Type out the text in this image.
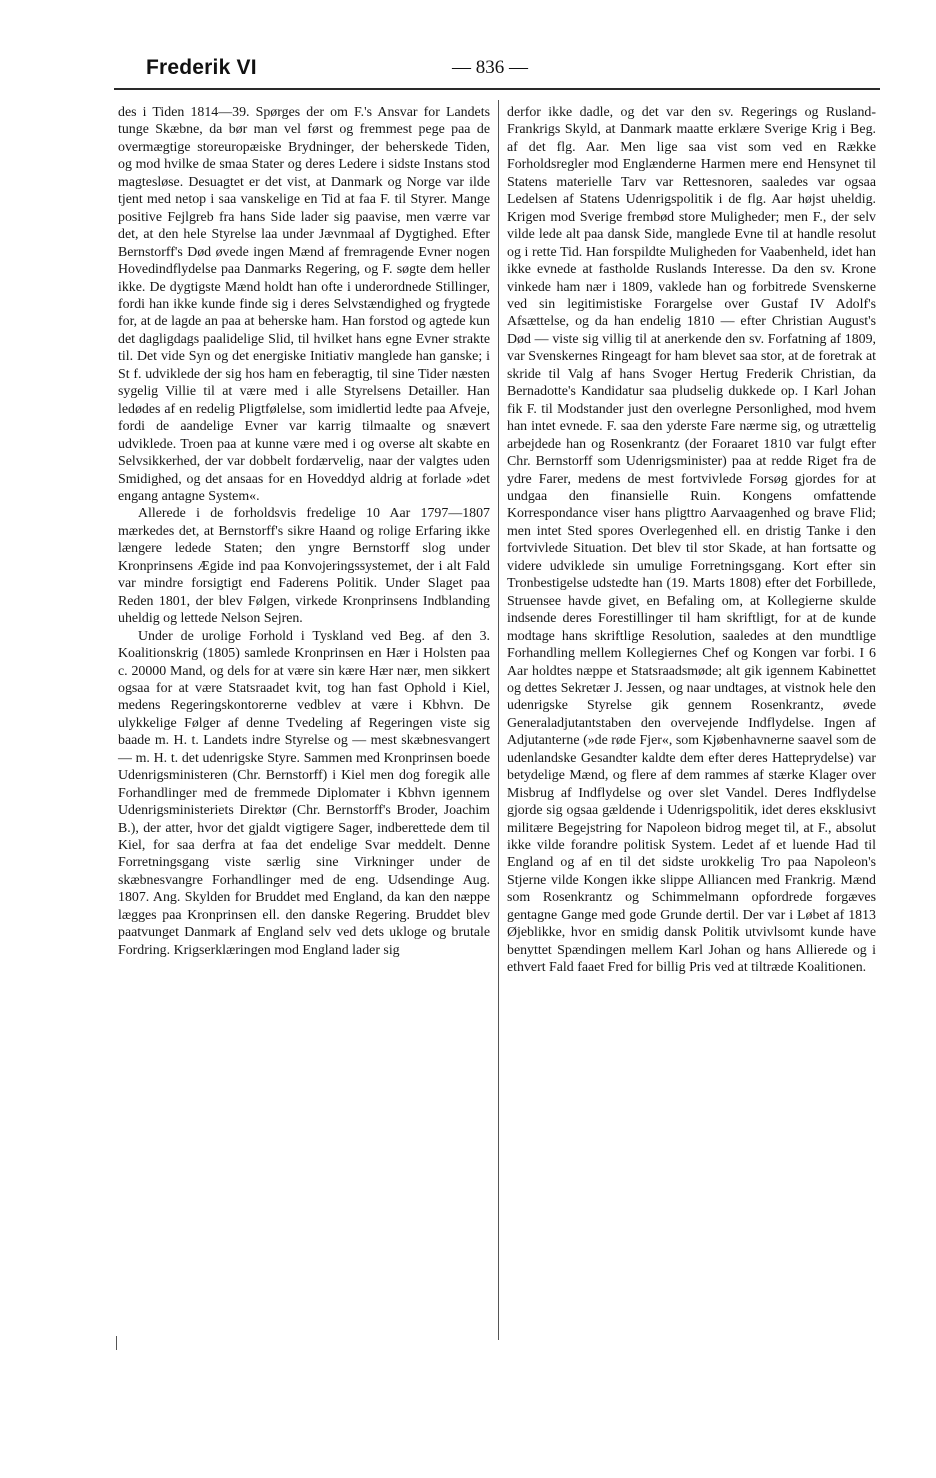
Frederik VI	— 836 —

des i Tiden 1814—39. Spørges der om F.'s Ansvar for Landets tunge Skæbne, da bør man vel først og fremmest pege paa de overmægtige storeuropæiske Brydninger, der beherskede Tiden, og mod hvilke de smaa Stater og deres Ledere i sidste Instans stod magtesløse. Desuagtet er det vist, at Danmark og Norge var ilde tjent med netop i saa vanskelige en Tid at faa F. til Styrer. Mange positive Fejlgreb fra hans Side lader sig paavise, men værre var det, at den hele Styrelse laa under Jævnmaal af Dygtighed. Efter Bernstorff's Død øvede ingen Mænd af fremragende Evner nogen Hovedindflydelse paa Danmarks Regering, og F. søgte dem heller ikke. De dygtigste Mænd holdt han ofte i underordnede Stillinger, fordi han ikke kunde finde sig i deres Selvstændighed og frygtede for, at de lagde an paa at beherske ham. Han forstod og agtede kun det dagligdags paalidelige Slid, til hvilket hans egne Evner strakte til. Det vide Syn og det energiske Initiativ manglede han ganske; i St f. udviklede der sig hos ham en feberagtig, til sine Tider næsten sygelig Villie til at være med i alle Styrelsens Detailler. Han ledødes af en redelig Pligtfølelse, som imidlertid ledte paa Afveje, fordi de aandelige Evner var karrig tilmaalte og snævert udviklede. Troen paa at kunne være med i og overse alt skabte en Selvsikkerhed, der var dobbelt fordærvelig, naar der valgtes uden Smidighed, og det ansaas for en Hoveddyd aldrig at forlade »det engang antagne System«.

Allerede i de forholdsvis fredelige 10 Aar 1797—1807 mærkedes det, at Bernstorff's sikre Haand og rolige Erfaring ikke længere ledede Staten; den yngre Bernstorff slog under Kronprinsens Ægide ind paa Konvojeringssystemet, der i alt Fald var mindre forsigtigt end Faderens Politik. Under Slaget paa Reden 1801, der blev Følgen, virkede Kronprinsens Indblanding uheldig og lettede Nelson Sejren.

Under de urolige Forhold i Tyskland ved Beg. af den 3. Koalitionskrig (1805) samlede Kronprinsen en Hær i Holsten paa c. 20000 Mand, og dels for at være sin kære Hær nær, men sikkert ogsaa for at være Statsraadet kvit, tog han fast Ophold i Kiel, medens Regeringskontorerne vedblev at være i Kbhvn. De ulykkelige Følger af denne Tvedeling af Regeringen viste sig baade m. H. t. Landets indre Styrelse og — mest skæbnesvangert — m. H. t. det udenrigske Styre. Sammen med Kronprinsen boede Udenrigsministeren (Chr. Bernstorff) i Kiel men dog foregik alle Forhandlinger med de fremmede Diplomater i Kbhvn igennem Udenrigsministeriets Direktør (Chr. Bernstorff's Broder, Joachim B.), der atter, hvor det gjaldt vigtigere Sager, indberettede dem til Kiel, for saa derfra at faa det endelige Svar meddelt. Denne Forretningsgang viste særlig sine Virkninger under de skæbnesvangre Forhandlinger med de eng. Udsendinge Aug. 1807. Ang. Skylden for Bruddet med England, da kan den næppe lægges paa Kronprinsen ell. den danske Regering. Bruddet blev paatvunget Danmark af England selv ved dets ukloge og brutale Fordring. Krigserklæringen mod England lader sig

derfor ikke dadle, og det var den sv. Regerings og Rusland-Frankrigs Skyld, at Danmark maatte erklære Sverige Krig i Beg. af det flg. Aar. Men lige saa vist som ved en Række Forholdsregler mod Englænderne Harmen mere end Hensynet til Statens materielle Tarv var Rettesnoren, saaledes var ogsaa Ledelsen af Statens Udenrigspolitik i de flg. Aar højst uheldig. Krigen mod Sverige frembød store Muligheder; men F., der selv vilde lede alt paa dansk Side, manglede Evne til at handle resolut og i rette Tid. Han forspildte Muligheden for Vaabenheld, idet han ikke evnede at fastholde Ruslands Interesse. Da den sv. Krone vinkede ham nær i 1809, vaklede han og forbitrede Svenskerne ved sin legitimistiske Forargelse over Gustaf IV Adolf's Afsættelse, og da han endelig 1810 — efter Christian August's Død — viste sig villig til at anerkende den sv. Forfatning af 1809, var Svenskernes Ringeagt for ham blevet saa stor, at de foretrak at skride til Valg af hans Svoger Hertug Frederik Christian, da Bernadotte's Kandidatur saa pludselig dukkede op. I Karl Johan fik F. til Modstander just den overlegne Personlighed, mod hvem han intet evnede. F. saa den yderste Fare nærme sig, og utrættelig arbejdede han og Rosenkrantz (der Foraaret 1810 var fulgt efter Chr. Bernstorff som Udenrigsminister) paa at redde Riget fra de ydre Farer, medens de mest fortvivlede Forsøg gjordes for at undgaa den finansielle Ruin. Kongens omfattende Korrespondance viser hans pligttro Aarvaagenhed og brave Flid; men intet Sted spores Overlegenhed ell. en dristig Tanke i den fortvivlede Situation. Det blev til stor Skade, at han fortsatte og videre udviklede sin umulige Forretningsgang. Kort efter sin Tronbestigelse udstedte han (19. Marts 1808) efter det Forbillede, Struensee havde givet, en Befaling om, at Kollegierne skulde indsende deres Forestillinger til ham skriftligt, for at de kunde modtage hans skriftlige Resolution, saaledes at den mundtlige Forhandling mellem Kollegiernes Chef og Kongen var forbi. I 6 Aar holdtes næppe et Statsraadsmøde; alt gik igennem Kabinettet og dettes Sekretær J. Jessen, og naar undtages, at vistnok hele den udenrigske Styrelse gik gennem Rosenkrantz, øvede Generaladjutantstaben den overvejende Indflydelse. Ingen af Adjutanterne (»de røde Fjer«, som Kjøbenhavnerne saavel som de udenlandske Gesandter kaldte dem efter deres Hatteprydelse) var betydelige Mænd, og flere af dem rammes af stærke Klager over Misbrug af Indflydelse og over slet Vandel. Deres Indflydelse gjorde sig ogsaa gældende i Udenrigspolitik, idet deres eksklusivt militære Begejstring for Napoleon bidrog meget til, at F., absolut ikke vilde forandre politisk System. Ledet af et luende Had til England og af en til det sidste urokkelig Tro paa Napoleon's Stjerne vilde Kongen ikke slippe Alliancen med Frankrig. Mænd som Rosenkrantz og Schimmelmann opfordrede forgæves gentagne Gange med gode Grunde dertil. Der var i Løbet af 1813 Øjeblikke, hvor en smidig dansk Politik utvivlsomt kunde have benyttet Spændingen mellem Karl Johan og hans Allierede og i ethvert Fald faaet Fred for billig Pris ved at tiltræde Koalitionen.
